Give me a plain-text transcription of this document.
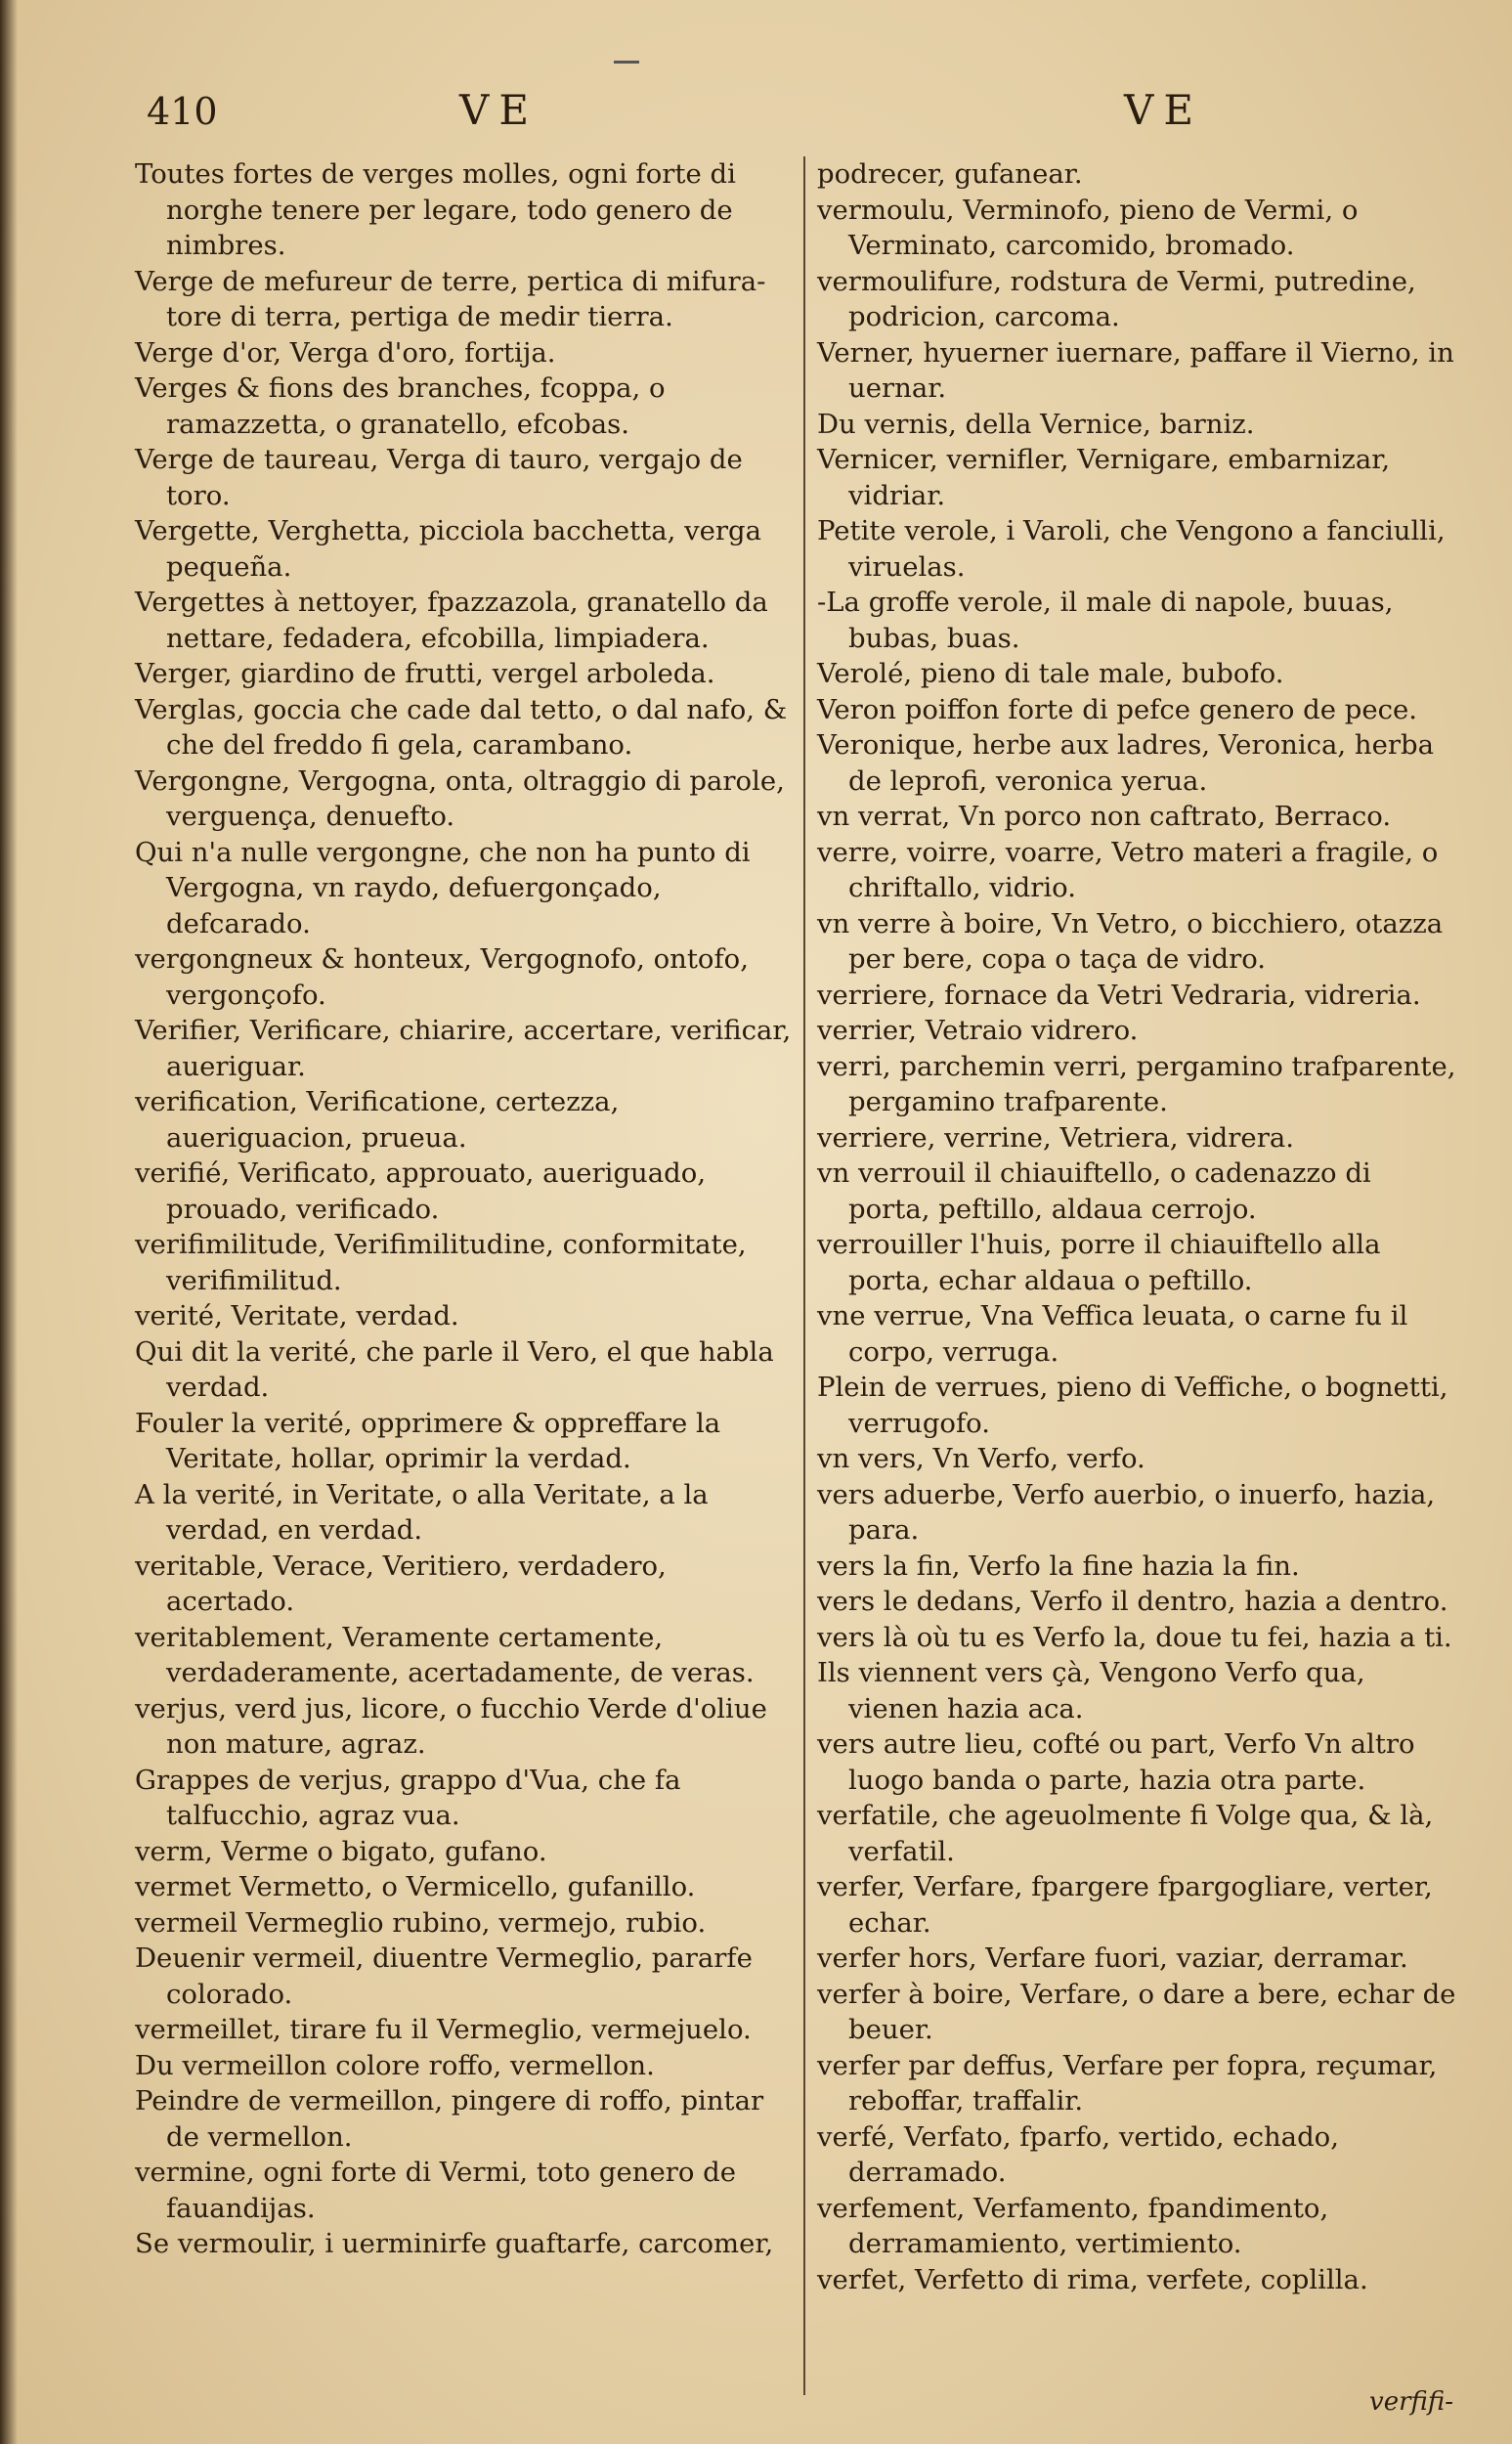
410	VE	VE
Toutes fortes de verges molles, ogni forte di norghe tenere per legare, todo genero de nimbres.
Verge de mefureur de terre, pertica di mifura-tore di terra, pertiga de medir tierra.
Verge d'or, Verga d'oro, fortija.
Verges & fions des branches, fcoppa, o ramazzetta, o granatello, efcobas.
Verge de taureau, Verga di tauro, vergajo de toro.
Vergette, Verghetta, picciola bacchetta, verga pequeña.
Vergettes à nettoyer, fpazzazola, granatello da nettare, fedadera, efcobilla, limpiadera.
Verger, giardino de frutti, vergel arboleda.
Verglas, goccia che cade dal tetto, o dal nafo, & che del freddo fi gela, carambano.
Vergongne, Vergogna, onta, oltraggio di parole, verguença, denuefto.
Qui n'a nulle vergongne, che non ha punto di Vergogna, vn raydo, defuergonçado, defcarado.
vergongneux & honteux, Vergognofo, ontofo, vergonçofo.
Verifier, Verificare, chiarire, accertare, verificar, aueriguar.
verification, Verificatione, certezza, aueriguacion, prueua.
verifié, Verificato, approuato, aueriguado, prouado, verificado.
verifimilitude, Verifimilitudine, conformitate, verifimilitud.
verité, Veritate, verdad.
Qui dit la verité, che parle il Vero, el que habla verdad.
Fouler la verité, opprimere & oppreffare la Veritate, hollar, oprimir la verdad.
A la verité, in Veritate, o alla Veritate, a la verdad, en verdad.
veritable, Verace, Veritiero, verdadero, acertado.
veritablement, Veramente certamente, verdaderamente, acertadamente, de veras.
verjus, verd jus, licore, o fucchio Verde d'oliue non mature, agraz.
Grappes de verjus, grappo d'Vua, che fa talfucchio, agraz vua.
verm, Verme o bigato, gufano.
vermet Vermetto, o Vermicello, gufanillo.
vermeil Vermeglio rubino, vermejo, rubio.
Deuenir vermeil, diuentre Vermeglio, pararfe colorado.
vermeillet, tirare fu il Vermeglio, vermejuelo.
Du vermeillon colore roffo, vermellon.
Peindre de vermeillon, pingere di roffo, pintar de vermellon.
vermine, ogni forte di Vermi, toto genero de fauandijas.
Se vermoulir, i uerminirfe guaftarfe, carcomer,
podrecer, gufanear.
vermoulu, Verminofo, pieno de Vermi, o Verminato, carcomido, bromado.
vermoulifure, rodstura de Vermi, putredine, podricion, carcoma.
Verner, hyuerner iuernare, paffare il Vierno, in uernar.
Du vernis, della Vernice, barniz.
Vernicer, vernifler, Vernigare, embarnizar, vidriar.
Petite verole, i Varoli, che Vengono a fanciulli, viruelas.
-La groffe verole, il male di napole, buuas, bubas, buas.
Verolé, pieno di tale male, bubofo.
Veron poiffon forte di pefce genero de pece.
Veronique, herbe aux ladres, Veronica, herba de leprofi, veronica yerua.
vn verrat, Vn porco non caftrato, Berraco.
verre, voirre, voarre, Vetro materi a fragile, o chriftallo, vidrio.
vn verre à boire, Vn Vetro, o bicchiero, otazza per bere, copa o taça de vidro.
verriere, fornace da Vetri Vedraria, vidreria.
verrier, Vetraio vidrero.
verri, parchemin verri, pergamino trafparente, pergamino trafparente.
verriere, verrine, Vetriera, vidrera.
vn verrouil il chiauiftello, o cadenazzo di porta, peftillo, aldaua cerrojo.
verrouiller l'huis, porre il chiauiftello alla porta, echar aldaua o peftillo.
vne verrue, Vna Veffica leuata, o carne fu il corpo, verruga.
Plein de verrues, pieno di Veffiche, o bognetti, verrugofo.
vn vers, Vn Verfo, verfo.
vers aduerbe, Verfo auerbio, o inuerfo, hazia, para.
vers la fin, Verfo la fine hazia la fin.
vers le dedans, Verfo il dentro, hazia a dentro.
vers là où tu es Verfo la, doue tu fei, hazia a ti.
Ils viennent vers çà, Vengono Verfo qua, vienen hazia aca.
vers autre lieu, cofté ou part, Verfo Vn altro luogo banda o parte, hazia otra parte.
verfatile, che ageuolmente fi Volge qua, & là, verfatil.
verfer, Verfare, fpargere fpargogliare, verter, echar.
verfer hors, Verfare fuori, vaziar, derramar.
verfer à boire, Verfare, o dare a bere, echar de beuer.
verfer par deffus, Verfare per fopra, reçumar, reboffar, traffalir.
verfé, Verfato, fparfo, vertido, echado, derramado.
verfement, Verfamento, fpandimento, derramamiento, vertimiento.
verfet, Verfetto di rima, verfete, coplilla.
verfifi-
